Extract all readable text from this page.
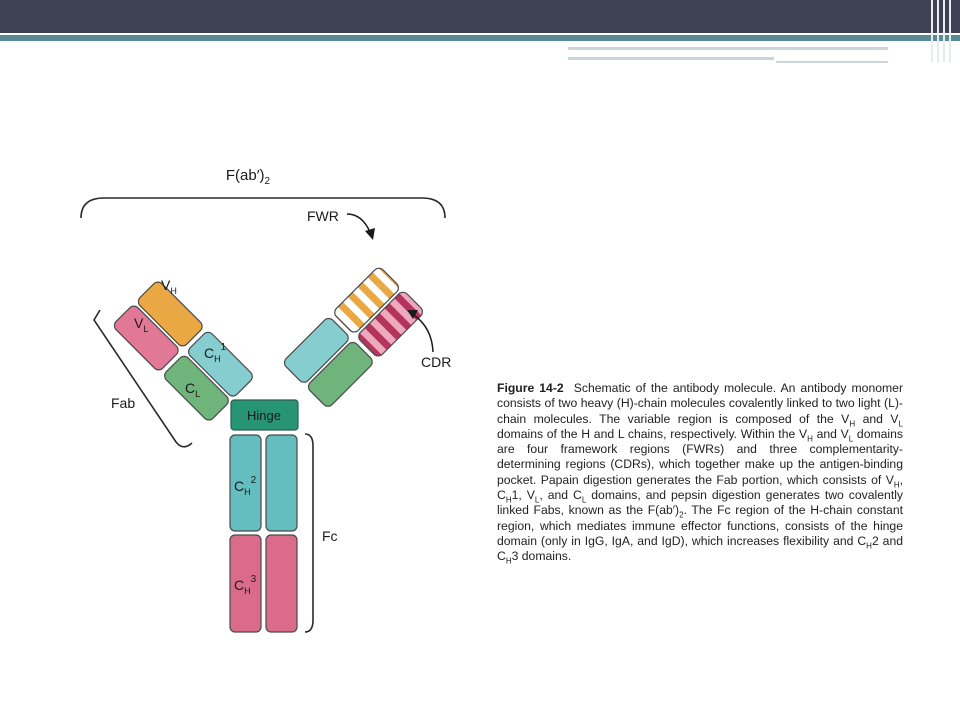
$F(ab')_2$
Hinge
$V_H$
$V_L$
$C_H^1$
$C_L$
$C_H^2$
$C_H^3$
FWR
CDR
Fab
Fc

Figure 14-2 Schematic of the antibody molecule. An antibody monomer consists of two heavy (H)-chain molecules covalently linked to two light (L)-chain molecules. The variable region is composed of the $V_H$ and $V_L$ domains of the H and L chains, respectively. Within the $V_H$ and $V_L$ domains are four framework regions (FWRs) and three complementarity-determining regions (CDRs), which together make up the antigen-binding pocket. Papain digestion generates the Fab portion, which consists of $V_H$, $C_H1$, $V_L$, and $C_L$ domains, and pepsin digestion generates two covalently linked Fabs, known as the $F(ab')_2$. The Fc region of the H-chain constant region, which mediates immune effector functions, consists of the hinge domain (only in IgG, IgA, and IgD), which increases flexibility and $C_H2$ and $C_H3$ domains.
